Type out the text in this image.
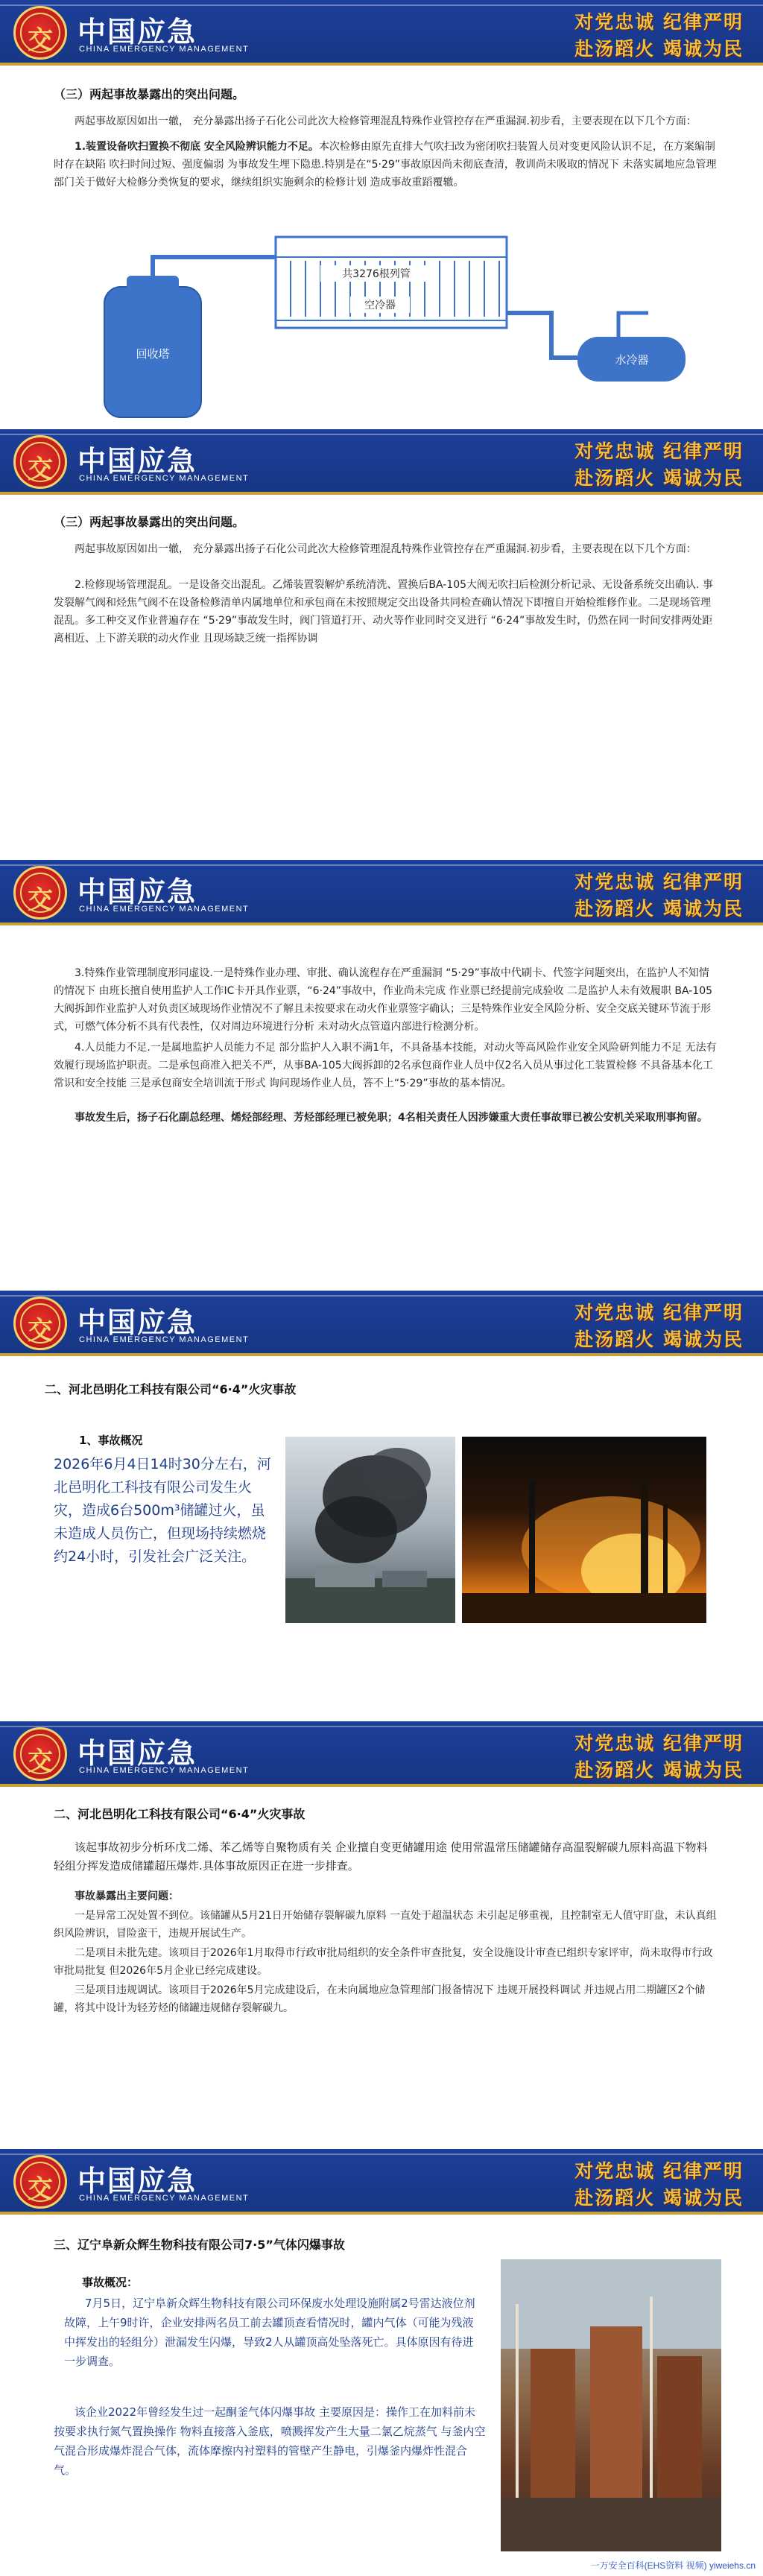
交 中国应急
CHINA EMERGENCY MANAGEMENT
对党忠诚 纪律严明
赴汤蹈火 竭诚为民
（三）两起事故暴露出的突出问题。

两起事故原因如出一辙， 充分暴露出扬子石化公司此次大检修管理混乱特殊作业管控存在严重漏洞.初步看，主要表现在以下几个方面：

1.装置设备吹扫置换不彻底 安全风险辨识能力不足。本次检修由原先直排大气吹扫改为密闭吹扫装置人员对变更风险认识不足，在方案编制时存在缺陷 吹扫时间过短、强度偏弱 为事故发生埋下隐患.特别是在“5·29”事故原因尚未彻底查清，教训尚未吸取的情况下 未落实属地应急管理部门关于做好大检修分类恢复的要求，继续组织实施剩余的检修计划 造成事故重蹈覆辙。

回收塔
共3276根列管
空冷器
水冷器
交 中国应急
CHINA EMERGENCY MANAGEMENT
对党忠诚 纪律严明
赴汤蹈火 竭诚为民
（三）两起事故暴露出的突出问题。

两起事故原因如出一辙， 充分暴露出扬子石化公司此次大检修管理混乱特殊作业管控存在严重漏洞.初步看，主要表现在以下几个方面：

2.检修现场管理混乱。一是设备交出混乱。乙烯装置裂解炉系统清洗、置换后BA-105大阀无吹扫后检测分析记录、无设备系统交出确认. 事发裂解气阀和烃焦气阀不在设备检修清单内属地单位和承包商在未按照规定交出设备共同检查确认情况下即擅自开始检维修作业。二是现场管理混乱。多工种交叉作业普遍存在 “5·29”事故发生时，阀门管道打开、动火等作业同时交叉进行 “6·24”事故发生时，仍然在同一时间安排两处距离相近、上下游关联的动火作业 且现场缺乏统一指挥协调

交 中国应急
CHINA EMERGENCY MANAGEMENT
对党忠诚 纪律严明
赴汤蹈火 竭诚为民

3.特殊作业管理制度形同虚设.一是特殊作业办理、审批、确认流程存在严重漏洞 “5·29”事故中代刷卡、代签字问题突出，在监护人不知情的情况下 由班长擅自使用监护人工作IC卡开具作业票，“6·24”事故中，作业尚未完成 作业票已经提前完成验收 二是监护人未有效履职 BA-105大阀拆卸作业监护人对负责区域现场作业情况不了解且未按要求在动火作业票签字确认；三是特殊作业安全风险分析、安全交底关键环节流于形式，可燃气体分析不具有代表性，仅对周边环境进行分析 未对动火点管道内部进行检测分析。

4.人员能力不足.一是属地监护人员能力不足 部分监护人入职不满1年，不具备基本技能，对动火等高风险作业安全风险研判能力不足 无法有效履行现场监护职责。二是承包商准入把关不严，从事BA-105大阀拆卸的2名承包商作业人员中仅2名入员从事过化工装置检修 不具备基本化工常识和安全技能 三是承包商安全培训流于形式 询问现场作业人员，答不上“5·29”事故的基本情况。

事故发生后，扬子石化副总经理、烯烃部经理、芳烃部经理已被免职；4名相关责任人因涉嫌重大责任事故罪已被公安机关采取刑事拘留。

交 中国应急
CHINA EMERGENCY MANAGEMENT
对党忠诚 纪律严明
赴汤蹈火 竭诚为民
二、河北邑明化工科技有限公司“6·4”火灾事故
1、事故概况
2026年6月4日14时30分左右，河北邑明化工科技有限公司发生火灾，造成6台500m³储罐过火，虽未造成人员伤亡，但现场持续燃烧约24小时，引发社会广泛关注。
交 中国应急
CHINA EMERGENCY MANAGEMENT
对党忠诚 纪律严明
赴汤蹈火 竭诚为民
二、河北邑明化工科技有限公司“6·4”火灾事故

该起事故初步分析环戊二烯、苯乙烯等自聚物质有关 企业擅自变更储罐用途 使用常温常压储罐储存高温裂解碳九原料高温下物料轻组分挥发造成储罐超压爆炸.具体事故原因正在进一步排查。

事故暴露出主要问题：

一是异常工况处置不到位。该储罐从5月21日开始储存裂解碳九原料 一直处于超温状态 未引起足够重视，且控制室无人值守盯盘，未认真组织风险辨识，冒险蛮干，违规开展试生产。

二是项目未批先建。该项目于2026年1月取得市行政审批局组织的安全条件审查批复，安全设施设计审查已组织专家评审，尚未取得市行政审批局批复 但2026年5月企业已经完成建设。

三是项目违规调试。该项目于2026年5月完成建设后，在未向属地应急管理部门报备情况下 违规开展投料调试 并违规占用二期罐区2个储罐，将其中设计为轻芳烃的储罐违规储存裂解碳九。

交 中国应急
CHINA EMERGENCY MANAGEMENT
对党忠诚 纪律严明
赴汤蹈火 竭诚为民
三、辽宁阜新众辉生物科技有限公司7·5”气体闪爆事故
事故概况：

7月5日，辽宁阜新众辉生物科技有限公司环保废水处理设施附属2号雷达液位剂故障，上午9时许，企业安排两名员工前去罐顶查看情况时，罐内气体（可能为残液中挥发出的轻组分）泄漏发生闪爆，导致2人从罐顶高处坠落死亡。具体原因有待进一步调查。

该企业2022年曾经发生过一起酮釜气体闪爆事故 主要原因是：操作工在加料前未按要求执行氮气置换操作 物料直接落入釜底，喷溅挥发产生大量二氯乙烷蒸气 与釜内空气混合形成爆炸混合气体，流体摩擦内衬塑料的管壁产生静电，引爆釜内爆炸性混合气。

一万安全百科(EHS资料 视频) yiweiehs.cn
